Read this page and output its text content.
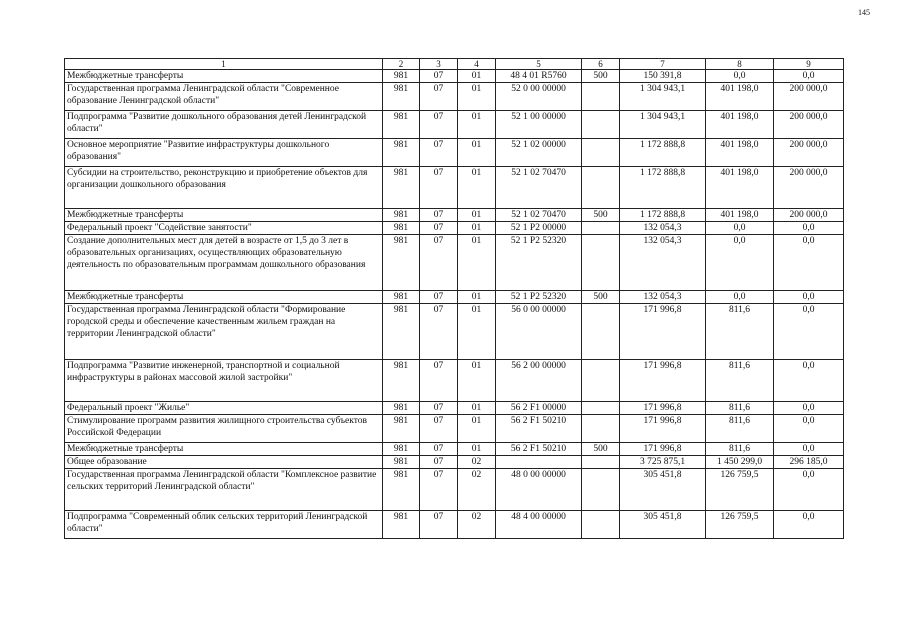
145
1	2	3	4	5	6	7	8	9
Межбюджетные трансферты	981	07	01	48 4 01 R5760	500	150 391,8	0,0	0,0
Государственная программа Ленинградской области "Современное образование Ленинградской области"	981	07	01	52 0 00 00000		1 304 943,1	401 198,0	200 000,0
Подпрограмма "Развитие дошкольного образования детей Ленинградской области"	981	07	01	52 1 00 00000		1 304 943,1	401 198,0	200 000,0
Основное мероприятие "Развитие инфраструктуры дошкольного образования"	981	07	01	52 1 02 00000		1 172 888,8	401 198,0	200 000,0
Субсидии на строительство, реконструкцию и приобретение объектов для организации дошкольного образования	981	07	01	52 1 02 70470		1 172 888,8	401 198,0	200 000,0
Межбюджетные трансферты	981	07	01	52 1 02 70470	500	1 172 888,8	401 198,0	200 000,0
Федеральный проект "Содействие занятости"	981	07	01	52 1 P2 00000		132 054,3	0,0	0,0
Создание дополнительных мест для детей в возрасте от 1,5 до 3 лет в образовательных организациях, осуществляющих образовательную деятельность по образовательным программам дошкольного образования	981	07	01	52 1 P2 52320		132 054,3	0,0	0,0
Межбюджетные трансферты	981	07	01	52 1 P2 52320	500	132 054,3	0,0	0,0
Государственная программа Ленинградской области "Формирование городской среды и обеспечение качественным жильем граждан на территории Ленинградской области"	981	07	01	56 0 00 00000		171 996,8	811,6	0,0
Подпрограмма "Развитие инженерной, транспортной и социальной инфраструктуры в районах массовой жилой застройки"	981	07	01	56 2 00 00000		171 996,8	811,6	0,0
Федеральный проект "Жилье"	981	07	01	56 2 F1 00000		171 996,8	811,6	0,0
Стимулирование программ развития жилищного строительства субъектов Российской Федерации	981	07	01	56 2 F1 50210		171 996,8	811,6	0,0
Межбюджетные трансферты	981	07	01	56 2 F1 50210	500	171 996,8	811,6	0,0
Общее образование	981	07	02			3 725 875,1	1 450 299,0	296 185,0
Государственная программа Ленинградской области "Комплексное развитие сельских территорий Ленинградской области"	981	07	02	48 0 00 00000		305 451,8	126 759,5	0,0
Подпрограмма "Современный облик сельских территорий Ленинградской области"	981	07	02	48 4 00 00000		305 451,8	126 759,5	0,0
